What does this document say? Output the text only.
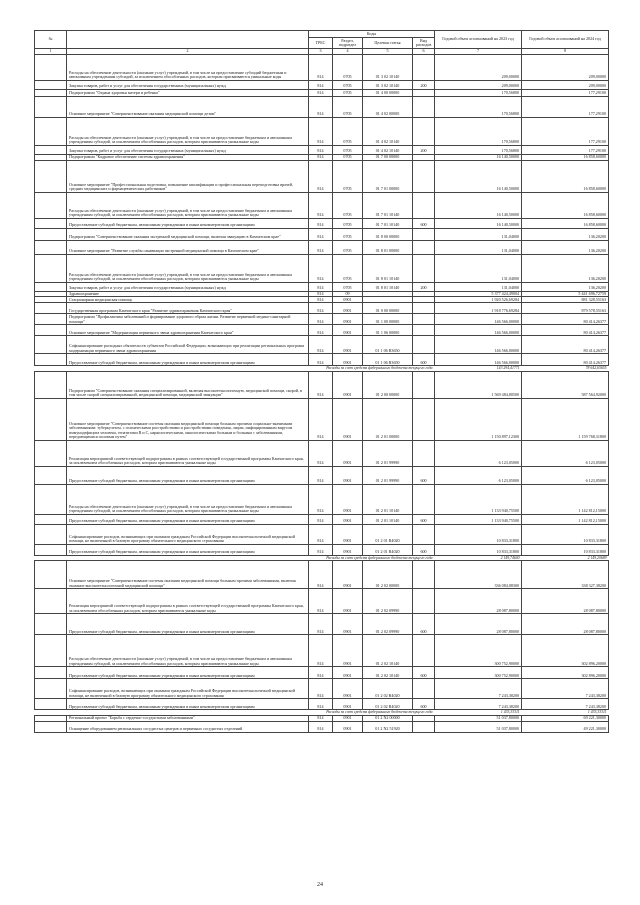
№		Коды				Годовой объем ассигнований на 2023 год	Годовой объем ассигнований на 2024 год
		ГРБС	Раздел, подраздел	Целевая статья	Вид расходов		
1	2	3	4	5	6	7	8
	Расходы на обеспечение деятельности (оказание услуг) учреждений, в том числе на предоставление субсидий бюджетным и автономным учреждениям субсидий, за исключением обособленных расходов, которым присваиваются уникальные коды	814	0705	01 3 02 10140		209,00000	209,00000
	Закупка товаров, работ и услуг для обеспечения государственных (муниципальных) нужд	814	0705	01 3 02 10140	200	209,00000	209,00000
	Подпрограмма "Охрана здоровья матери и ребенка"	814	0705	01 4 00 00000		170,56800	177,29100
	Основное мероприятие "Совершенствование оказания медицинской помощи детям"	814	0705	01 4 02 00000		170,56800	177,29100
	Расходы на обеспечение деятельности (оказание услуг) учреждений, в том числе на предоставление бюджетным и автономным учреждениям субсидий, за исключением обособленных расходов, которым присваиваются уникальные коды	814	0705	01 4 02 10140		170,56800	177,29100
	Закупка товаров, работ и услуг для обеспечения государственных (муниципальных) нужд	814	0705	01 4 02 10140	200	170,56800	177,29100
	Подпрограмма "Кадровое обеспечение системы здравоохранения"	814	0705	01 7 00 00000		16 140,50000	16 858,60000
	Основное мероприятие "Профессиональная подготовка, повышение квалификации и профессиональная переподготовка врачей, средних медицинских и фармацевтических работников"	814	0705	01 7 01 00000		16 140,50000	16 858,60000
	Расходы на обеспечение деятельности (оказание услуг) учреждений, в том числе на предоставление бюджетным и автономным учреждениям субсидий, за исключением обособленных расходов, которым присваиваются уникальные коды	814	0705	01 7 01 10140		16 140,50000	16 858,60000
	Предоставление субсидий бюджетным, автономным учреждениям и иным некоммерческим организациям	814	0705	01 7 01 10140	600	16 140,50000	16 858,60000
	Подпрограмма "Совершенствование оказания экстренной медицинской помощи, включая эвакуацию в Камчатском крае"	814	0705	01 8 00 00000		131,04000	136,20200
	Основное мероприятие "Развитие службы санавиации экстренной медицинской помощи в Камчатском крае"	814	0705	01 8 01 00000		131,04000	136,20200
	Расходы на обеспечение деятельности (оказание услуг) учреждений, в том числе на предоставление бюджетным и автономным учреждениям субсидий, за исключением обособленных расходов, которым присваиваются уникальные коды	814	0705	01 8 01 10140		131,04000	136,20200
	Закупка товаров, работ и услуг для обеспечения государственных (муниципальных) нужд	814	0705	01 8 01 10140	200	131,04000	136,20200
	Здравоохранение	814	09			5 377 424,49004	5 441 696,72759
	Стационарная медицинская помощь	814	0901			1 920 526,69284	881 328,55163
	Государственная программа Камчатского края "Развитие здравоохранения Камчатского края"	814	0901	01 0 00 00000		1 918 776,69284	879 578,55163
	Подпрограмма "Профилактика заболеваний и формирование здорового образа жизни. Развитие первичной медико-санитарной помощи"	814	0901	01 1 00 00000		146 566,00000	80 414,26377
	Основное мероприятие "Модернизация первичного звена здравоохранения Камчатского края"	814	0901	01 1 06 00000		146 566,00000	80 414,26377
	Софинансирование расходных обязательств субъектов Российской Федерации, возникающих при реализации региональных программ модернизации первичного звена здравоохранения	814	0901	01 1 06 R3650		146 566,00000	80 414,26377
	Предоставление субсидий бюджетным, автономным учреждениям и иным некоммерческим организациям	814	0901	01 1 06 R3650	600	146 566,00000	80 414,26377
Расходы за счет средств федерального бюджета текущего года						143 294,41771	78 642,65655
	Подпрограмма "Совершенствование оказания специализированной, включая высокотехнологичную, медицинской помощи, скорой, в том числе скорой специализированной, медицинской помощи, медицинской эвакуации"	814	0901	01 2 00 00000		1 569 484,80500	587 564,92000
	Основное мероприятие "Совершенствование системы оказания медицинской помощи больным прочими социально-значимыми заболеваниями: туберкулезом, с психическими расстройствами и расстройствами поведения, лицам, инфицированным вирусом иммунодефицита человека, гепатитами B и C, наркологическими, онкологическими больным и больным с заболеваниями, передающимися половым путем"	814	0901	01 2 01 00000		1 150 897,12300	1 159 768,31800
	Реализация мероприятий соответствующей подпрограммы в рамках соответствующей государственной программы Камчатского края, за исключением обособленных расходов, которым присваиваются уникальные коды	814	0901	01 2 01 99990		6 123,05000	6 123,05000
	Предоставление субсидий бюджетным, автономным учреждениям и иным некоммерческим организациям	814	0901	01 2 01 99990	600	6 123,05000	6 123,05000
	Расходы на обеспечение деятельности (оказание услуг) учреждений, в том числе на предоставление бюджетным и автономным учреждениям субсидий, за исключением обособленных расходов, которым присваиваются уникальные коды	814	0901	01 2 01 10140		1 133 940,75500	1 142 812,15000
	Предоставление субсидий бюджетным, автономным учреждениям и иным некоммерческим организациям	814	0901	01 2 01 10140	600	1 133 940,75500	1 142 812,15000
	Софинансирование расходов, возникающих при оказании гражданам Российской Федерации высокотехнологичной медицинской помощи, не включенной в базовую программу обязательного медицинского страхования	814	0901	01 2 01 R4020		10 833,31800	10 833,31800
	Предоставление субсидий бюджетным, автономным учреждениям и иным некоммерческим организациям	814	0901	01 2 01 R4020	600	10 833,31800	10 833,31800
Расходы за счет средств федерального бюджета текущего года						2 149,74600	2 149,20689
	Основное мероприятие "Совершенствование системы оказания медицинской помощи больным прочими заболеваниями, включая оказание высокотехнологичной медицинской помощи"	814	0901	01 2 02 00000		336 084,08300	338 327,38200
	Реализация мероприятий соответствующей подпрограммы в рамках соответствующей государственной программы Камчатского края, за исключением обособленных расходов, которым присваиваются уникальные коды	814	0901	01 2 02 09990		28 087,80000	28 087,80000
	Предоставление субсидий бюджетным, автономным учреждениям и иным некоммерческим организациям	814	0901	01 2 02 09990	600	28 087,80000	28 087,80000
	Расходы на обеспечение деятельности (оказание услуг) учреждений, в том числе на предоставление бюджетным и автономным учреждениям субсидий, за исключением обособленных расходов, которым присваиваются уникальные коды	814	0901	01 2 02 10140		300 752,90000	302 896,20000
	Предоставление субсидий бюджетным, автономным учреждениям и иным некоммерческим организациям	814	0901	01 2 02 10140	600	300 752,90000	302 896,20000
	Софинансирование расходов, возникающих при оказании гражданам Российской Федерации высокотехнологичной медицинской помощи, не включенной в базовую программу обязательного медицинского страхования	814	0901	01 2 02 R4020		7 243,38200	7 243,38200
	Предоставление субсидий бюджетным, автономным учреждениям и иным некоммерческим организациям	814	0901	01 2 02 R4020	600	7 243,38200	7 243,38200
Расходы за счет средств федерального бюджета текущего года						1 433,33311	1 433,33311
	Региональный проект "Борьба с сердечно-сосудистыми заболеваниями"	814	0901	01 2 N2 00000		51 037,80000	69 221,30000
	Оснащение оборудованием региональных сосудистых центров и первичных сосудистых отделений	814	0901	01 2 N2 51920		51 037,80000	49 221,30000
24
